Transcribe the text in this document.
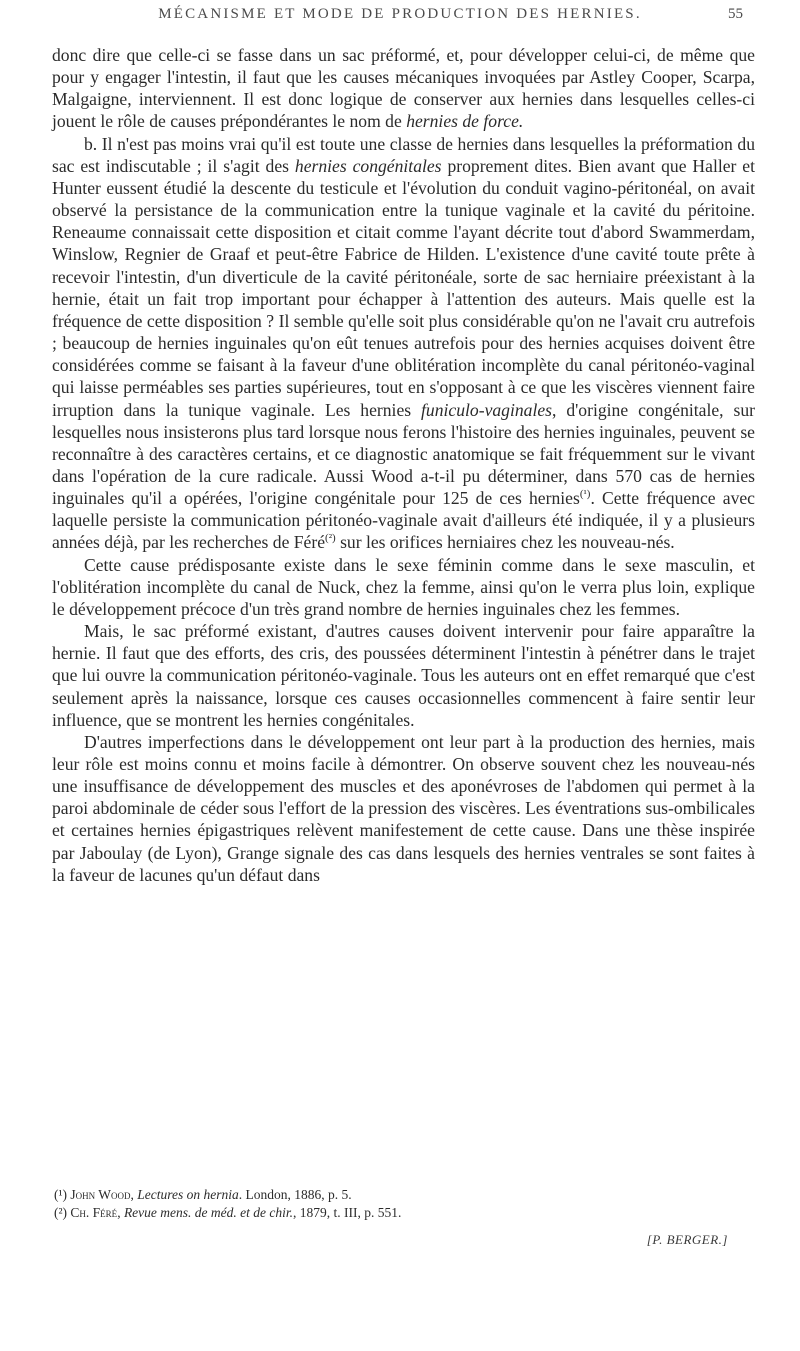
MÉCANISME ET MODE DE PRODUCTION DES HERNIES.	55

donc dire que celle-ci se fasse dans un sac préformé, et, pour développer celui-ci, de même que pour y engager l'intestin, il faut que les causes mécaniques invoquées par Astley Cooper, Scarpa, Malgaigne, interviennent. Il est donc logique de conserver aux hernies dans lesquelles celles-ci jouent le rôle de causes prépondérantes le nom de hernies de force.

b. Il n'est pas moins vrai qu'il est toute une classe de hernies dans lesquelles la préformation du sac est indiscutable ; il s'agit des hernies congénitales proprement dites. Bien avant que Haller et Hunter eussent étudié la descente du testicule et l'évolution du conduit vagino-péritonéal, on avait observé la persistance de la communication entre la tunique vaginale et la cavité du péritoine. Reneaume connaissait cette disposition et citait comme l'ayant décrite tout d'abord Swammerdam, Winslow, Regnier de Graaf et peut-être Fabrice de Hilden. L'existence d'une cavité toute prête à recevoir l'intestin, d'un diverticule de la cavité péritonéale, sorte de sac herniaire préexistant à la hernie, était un fait trop important pour échapper à l'attention des auteurs. Mais quelle est la fréquence de cette disposition ? Il semble qu'elle soit plus considérable qu'on ne l'avait cru autrefois ; beaucoup de hernies inguinales qu'on eût tenues autrefois pour des hernies acquises doivent être considérées comme se faisant à la faveur d'une oblitération incomplète du canal péritonéo-vaginal qui laisse perméables ses parties supérieures, tout en s'opposant à ce que les viscères viennent faire irruption dans la tunique vaginale. Les hernies funiculo-vaginales, d'origine congénitale, sur lesquelles nous insisterons plus tard lorsque nous ferons l'histoire des hernies inguinales, peuvent se reconnaître à des caractères certains, et ce diagnostic anatomique se fait fréquemment sur le vivant dans l'opération de la cure radicale. Aussi Wood a-t-il pu déterminer, dans 570 cas de hernies inguinales qu'il a opérées, l'origine congénitale pour 125 de ces hernies$^{(^1)}$. Cette fréquence avec laquelle persiste la communication péritonéo-vaginale avait d'ailleurs été indiquée, il y a plusieurs années déjà, par les recherches de Féré$^{(^2)}$ sur les orifices herniaires chez les nouveau-nés.

Cette cause prédisposante existe dans le sexe féminin comme dans le sexe masculin, et l'oblitération incomplète du canal de Nuck, chez la femme, ainsi qu'on le verra plus loin, explique le développement précoce d'un très grand nombre de hernies inguinales chez les femmes.

Mais, le sac préformé existant, d'autres causes doivent intervenir pour faire apparaître la hernie. Il faut que des efforts, des cris, des poussées déterminent l'intestin à pénétrer dans le trajet que lui ouvre la communication péritonéo-vaginale. Tous les auteurs ont en effet remarqué que c'est seulement après la naissance, lorsque ces causes occasionnelles commencent à faire sentir leur influence, que se montrent les hernies congénitales.

D'autres imperfections dans le développement ont leur part à la production des hernies, mais leur rôle est moins connu et moins facile à démontrer. On observe souvent chez les nouveau-nés une insuffisance de développement des muscles et des aponévroses de l'abdomen qui permet à la paroi abdominale de céder sous l'effort de la pression des viscères. Les éventrations sus-ombilicales et certaines hernies épigastriques relèvent manifestement de cette cause. Dans une thèse inspirée par Jaboulay (de Lyon), Grange signale des cas dans lesquels des hernies ventrales se sont faites à la faveur de lacunes qu'un défaut dans

(¹) John Wood, Lectures on hernia. London, 1886, p. 5.

(²) Ch. Féré, Revue mens. de méd. et de chir., 1879, t. III, p. 551.

[P. BERGER.]
